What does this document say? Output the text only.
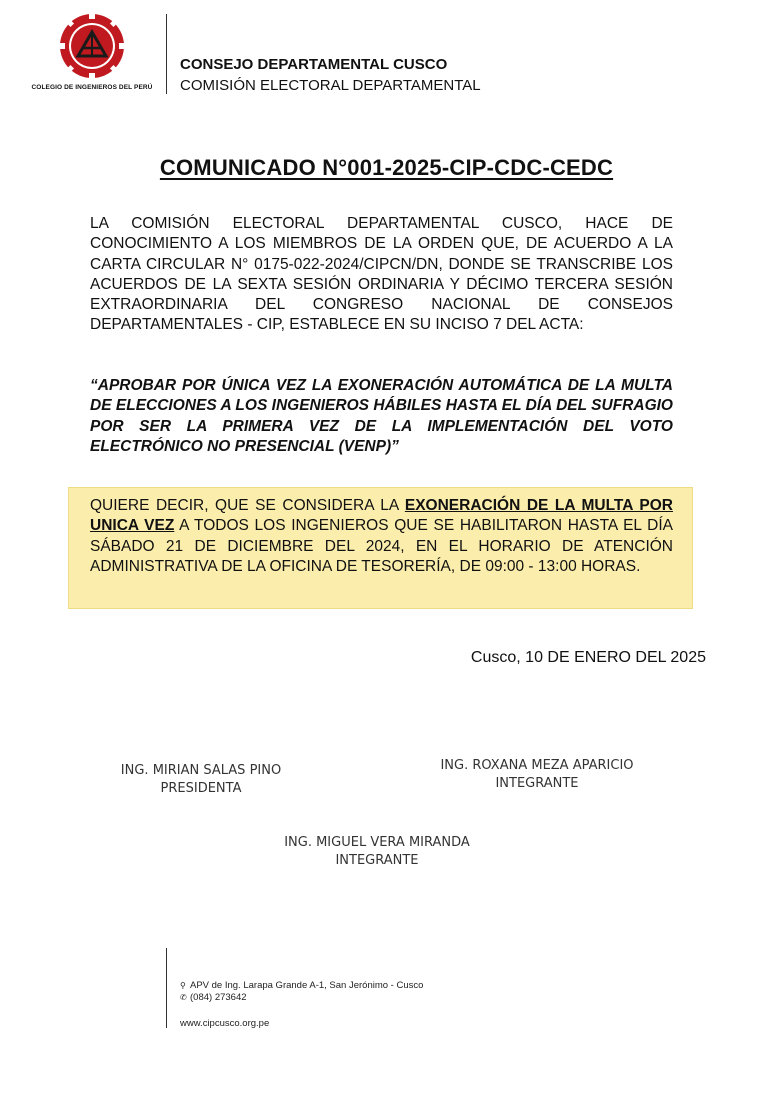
COLEGIO DE INGENIEROS DEL PERÚ
CONSEJO DEPARTAMENTAL CUSCO
COMISIÓN ELECTORAL DEPARTAMENTAL
COMUNICADO N°001-2025-CIP-CDC-CEDC
LA COMISIÓN ELECTORAL DEPARTAMENTAL CUSCO, HACE DE CONOCIMIENTO A LOS MIEMBROS DE LA ORDEN QUE, DE ACUERDO A LA CARTA CIRCULAR N° 0175-022-2024/CIPCN/DN, DONDE SE TRANSCRIBE LOS ACUERDOS DE LA SEXTA SESIÓN ORDINARIA Y DÉCIMO TERCERA SESIÓN EXTRAORDINARIA DEL CONGRESO NACIONAL DE CONSEJOS DEPARTAMENTALES - CIP, ESTABLECE EN SU INCISO 7 DEL ACTA:
“APROBAR POR ÚNICA VEZ LA EXONERACIÓN AUTOMÁTICA DE LA MULTA DE ELECCIONES A LOS INGENIEROS HÁBILES HASTA EL DÍA DEL SUFRAGIO POR SER LA PRIMERA VEZ DE LA IMPLEMENTACIÓN DEL VOTO ELECTRÓNICO NO PRESENCIAL (VENP)”
QUIERE DECIR, QUE SE CONSIDERA LA EXONERACIÓN DE LA MULTA POR UNICA VEZ A TODOS LOS INGENIEROS QUE SE HABILITARON HASTA EL DÍA SÁBADO 21 DE DICIEMBRE DEL 2024, EN EL HORARIO DE ATENCIÓN ADMINISTRATIVA DE LA OFICINA DE TESORERÍA, DE 09:00 - 13:00 HORAS.
Cusco, 10 DE ENERO DEL 2025
ING. MIRIAN SALAS PINO
PRESIDENTA
ING. ROXANA MEZA APARICIO
INTEGRANTE
ING. MIGUEL VERA MIRANDA
INTEGRANTE
⚲ APV de Ing. Larapa Grande A-1, San Jerónimo - Cusco
✆ (084) 273642
www.cipcusco.org.pe
